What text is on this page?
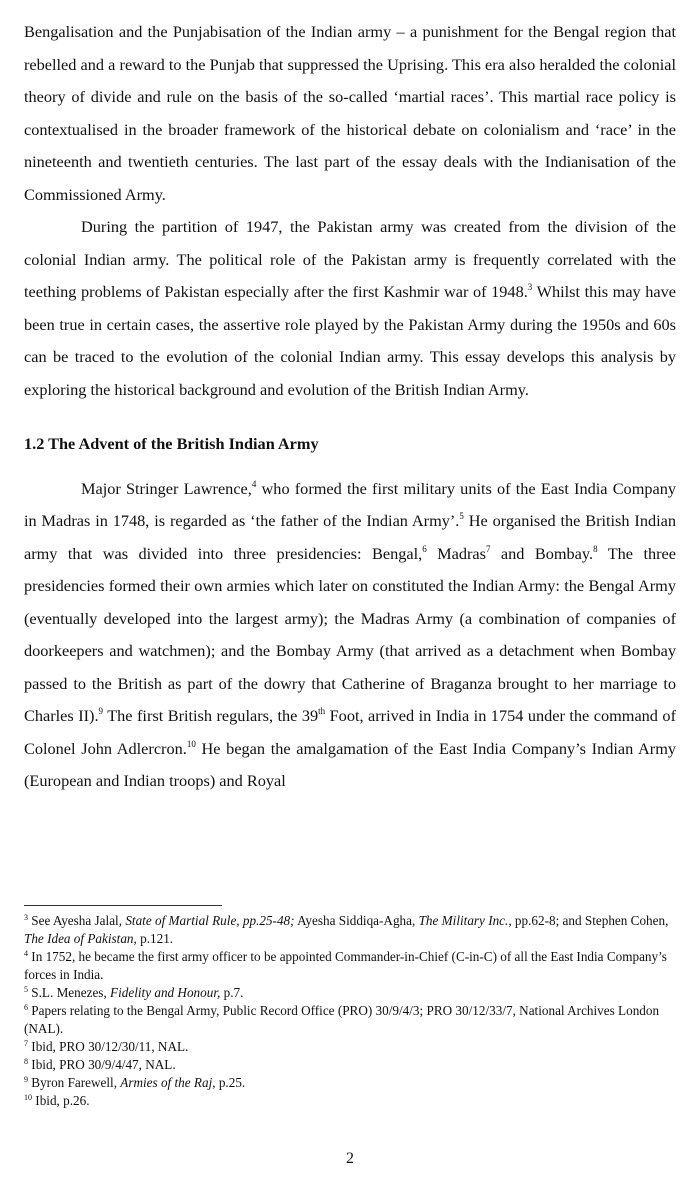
Bengalisation and the Punjabisation of the Indian army – a punishment for the Bengal region that rebelled and a reward to the Punjab that suppressed the Uprising. This era also heralded the colonial theory of divide and rule on the basis of the so-called ‘martial races’. This martial race policy is contextualised in the broader framework of the historical debate on colonialism and ‘race’ in the nineteenth and twentieth centuries. The last part of the essay deals with the Indianisation of the Commissioned Army.

During the partition of 1947, the Pakistan army was created from the division of the colonial Indian army. The political role of the Pakistan army is frequently correlated with the teething problems of Pakistan especially after the first Kashmir war of 1948.$^3$ Whilst this may have been true in certain cases, the assertive role played by the Pakistan Army during the 1950s and 60s can be traced to the evolution of the colonial Indian army. This essay develops this analysis by exploring the historical background and evolution of the British Indian Army.

1.2 The Advent of the British Indian Army

Major Stringer Lawrence,$^4$ who formed the first military units of the East India Company in Madras in 1748, is regarded as ‘the father of the Indian Army’.$^5$ He organised the British Indian army that was divided into three presidencies: Bengal,$^6$ Madras$^7$ and Bombay.$^8$ The three presidencies formed their own armies which later on constituted the Indian Army: the Bengal Army (eventually developed into the largest army); the Madras Army (a combination of companies of doorkeepers and watchmen); and the Bombay Army (that arrived as a detachment when Bombay passed to the British as part of the dowry that Catherine of Braganza brought to her marriage to Charles II).$^9$ The first British regulars, the 39th Foot, arrived in India in 1754 under the command of Colonel John Adlercron.$^{10}$ He began the amalgamation of the East India Company’s Indian Army (European and Indian troops) and Royal

$^3$ See Ayesha Jalal, State of Martial Rule, pp.25-48; Ayesha Siddiqa-Agha, The Military Inc., pp.62-8; and Stephen Cohen, The Idea of Pakistan, p.121.

$^4$ In 1752, he became the first army officer to be appointed Commander-in-Chief (C-in-C) of all the East India Company’s forces in India.

$^5$ S.L. Menezes, Fidelity and Honour, p.7.

$^6$ Papers relating to the Bengal Army, Public Record Office (PRO) 30/9/4/3; PRO 30/12/33/7, National Archives London (NAL).

$^7$ Ibid, PRO 30/12/30/11, NAL.

$^8$ Ibid, PRO 30/9/4/47, NAL.

$^9$ Byron Farewell, Armies of the Raj, p.25.

$^{10}$ Ibid, p.26.

2
